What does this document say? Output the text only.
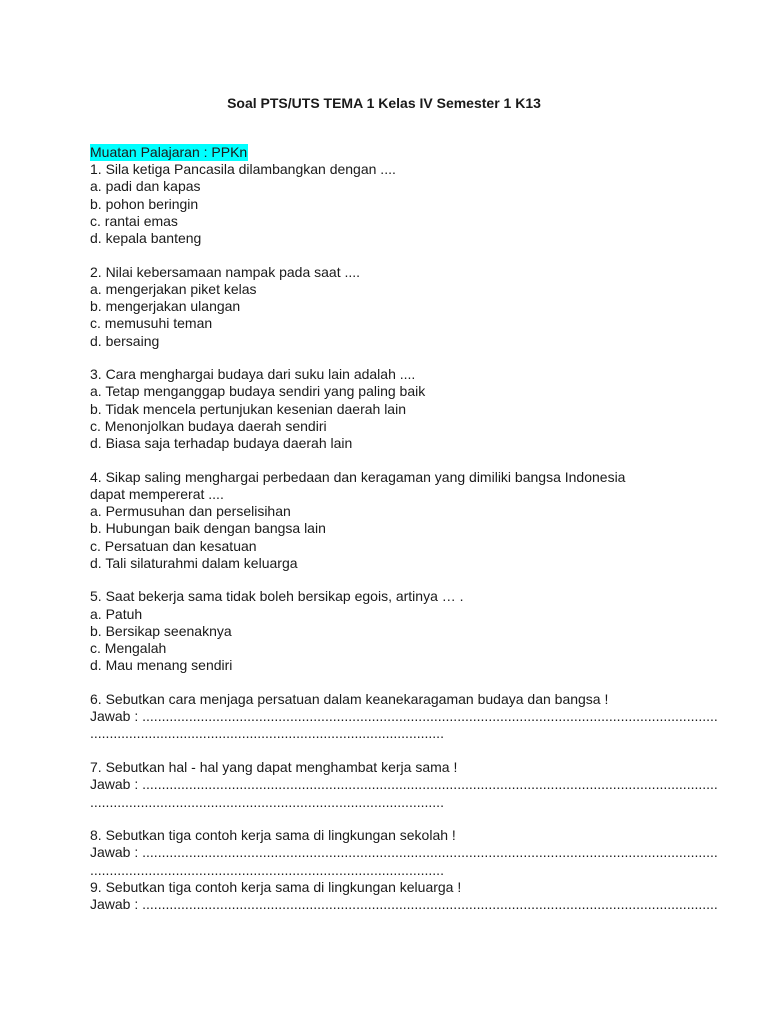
Soal PTS/UTS TEMA 1 Kelas IV Semester 1 K13
Muatan Palajaran : PPKn
1. Sila ketiga Pancasila dilambangkan dengan ....
a. padi dan kapas
b. pohon beringin
c. rantai emas
d. kepala banteng
2. Nilai kebersamaan nampak pada saat ....
a. mengerjakan piket kelas
b. mengerjakan ulangan
c. memusuhi teman
d. bersaing
3. Cara menghargai budaya dari suku lain adalah ....
a. Tetap menganggap budaya sendiri yang paling baik
b. Tidak mencela pertunjukan kesenian daerah lain
c. Menonjolkan budaya daerah sendiri
d. Biasa saja terhadap budaya daerah lain
4. Sikap saling menghargai perbedaan dan keragaman yang dimiliki bangsa Indonesia
dapat mempererat ....
a. Permusuhan dan perselisihan
b. Hubungan baik dengan bangsa lain
c. Persatuan dan kesatuan
d. Tali silaturahmi dalam keluarga
5. Saat bekerja sama tidak boleh bersikap egois, artinya … .
a. Patuh
b. Bersikap seenaknya
c. Mengalah
d. Mau menang sendiri
6. Sebutkan cara menjaga persatuan dalam keanekaragaman budaya dan bangsa !
Jawab : ....................................................................................................................................................
...........................................................................................
7. Sebutkan hal - hal yang dapat menghambat kerja sama !
Jawab : ....................................................................................................................................................
...........................................................................................
8. Sebutkan tiga contoh kerja sama di lingkungan sekolah !
Jawab : ....................................................................................................................................................
...........................................................................................
9. Sebutkan tiga contoh kerja sama di lingkungan keluarga !
Jawab : ....................................................................................................................................................
